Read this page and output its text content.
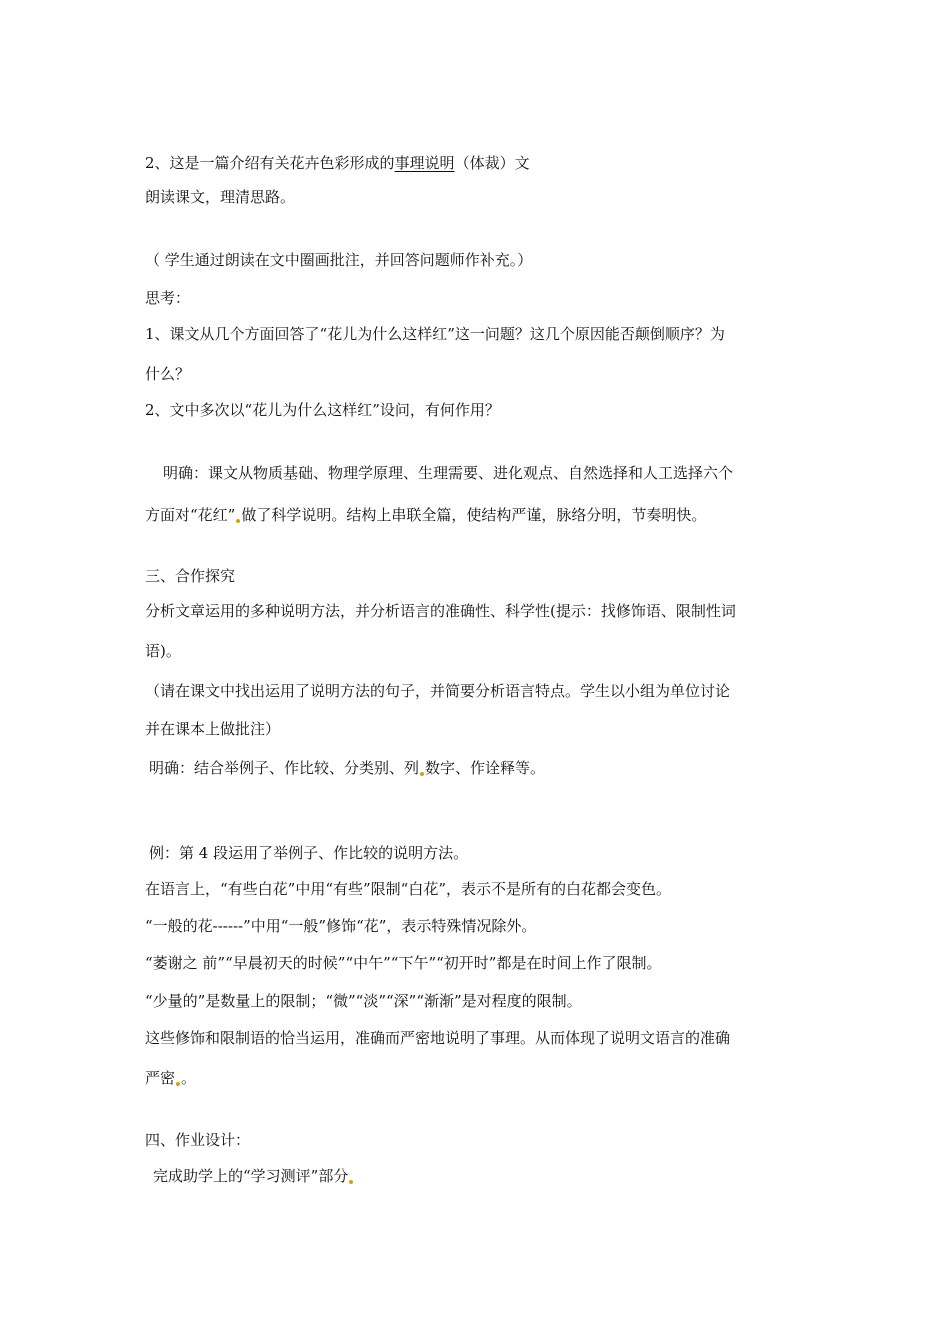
2、这是一篇介绍有关花卉色彩形成的事理说明（体裁）文
朗读课文，理清思路。
（ 学生通过朗读在文中圈画批注，并回答问题师作补充。）
思考：
1、课文从几个方面回答了“花儿为什么这样红”这一问题？这几个原因能否颠倒顺序？为
什么？
2、文中多次以“花儿为什么这样红”设问，有何作用？
明确：课文从物质基础、物理学原理、生理需要、进化观点、自然选择和人工选择六个
方面对“花红” 做了科学说明。结构上串联全篇，使结构严谨，脉络分明，节奏明快。
三、合作探究
分析文章运用的多种说明方法，并分析语言的准确性、科学性(提示：找修饰语、限制性词
语)。
（请在课文中找出运用了说明方法的句子，并简要分析语言特点。学生以小组为单位讨论
并在课本上做批注）
明确：结合举例子、作比较、分类别、列 数字、作诠释等。
例：第 4 段运用了举例子、作比较的说明方法。
在语言上，“有些白花”中用“有些”限制“白花”，表示不是所有的白花都会变色。
“一般的花------”中用“一般”修饰“花”，表示特殊情况除外。
“萎谢之 前”“早晨初天的时候”“中午”“下午”“初开时”都是在时间上作了限制。
“少量的”是数量上的限制；“微”“淡”“深”“渐渐”是对程度的限制。
这些修饰和限制语的恰当运用，准确而严密地说明了事理。从而体现了说明文语言的准确
严密 。
四、作业设计：
完成助学上的“学习测评”部分
